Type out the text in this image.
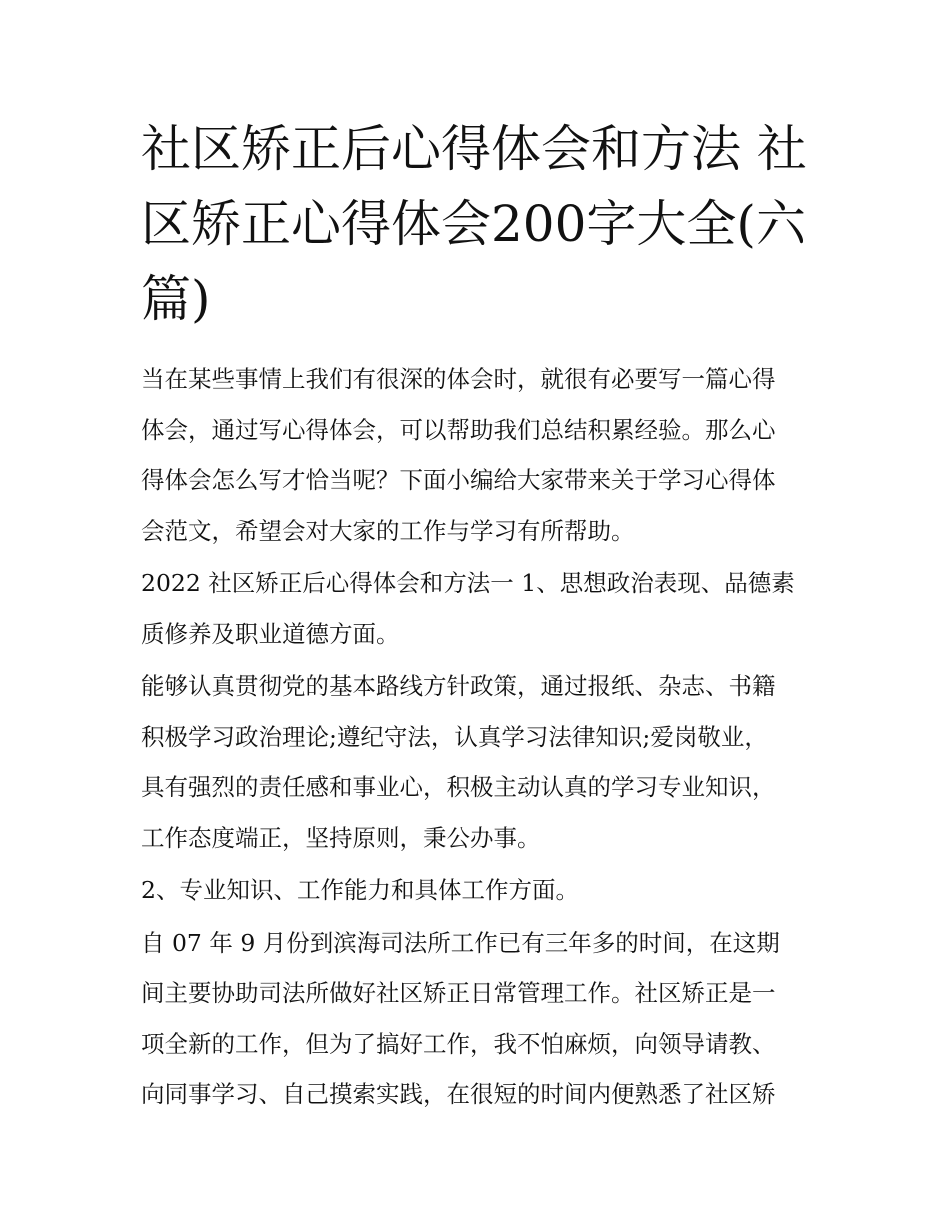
社区矫正后心得体会和方法 社
区矫正心得体会200字大全(六
篇)
当在某些事情上我们有很深的体会时，就很有必要写一篇心得
体会，通过写心得体会，可以帮助我们总结积累经验。那么心
得体会怎么写才恰当呢？下面小编给大家带来关于学习心得体
会范文，希望会对大家的工作与学习有所帮助。
2022 社区矫正后心得体会和方法一 1、思想政治表现、品德素
质修养及职业道德方面。
能够认真贯彻党的基本路线方针政策，通过报纸、杂志、书籍
积极学习政治理论;遵纪守法，认真学习法律知识;爱岗敬业，
具有强烈的责任感和事业心，积极主动认真的学习专业知识，
工作态度端正，坚持原则，秉公办事。
2、专业知识、工作能力和具体工作方面。
自 07 年 9 月份到滨海司法所工作已有三年多的时间，在这期
间主要协助司法所做好社区矫正日常管理工作。社区矫正是一
项全新的工作，但为了搞好工作，我不怕麻烦，向领导请教、
向同事学习、自己摸索实践，在很短的时间内便熟悉了社区矫
